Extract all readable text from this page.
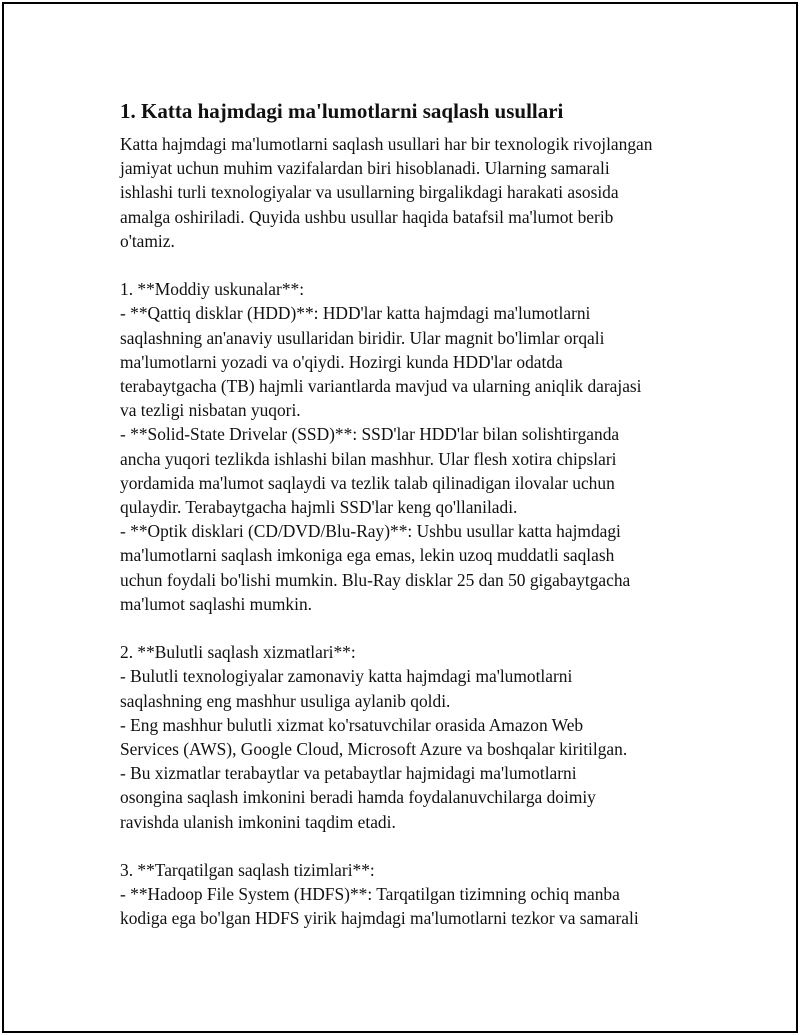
1. Katta hajmdagi ma'lumotlarni saqlash usullari

Katta hajmdagi ma'lumotlarni saqlash usullari har bir texnologik rivojlangan
jamiyat uchun muhim vazifalardan biri hisoblanadi. Ularning samarali
ishlashi turli texnologiyalar va usullarning birgalikdagi harakati asosida
amalga oshiriladi. Quyida ushbu usullar haqida batafsil ma'lumot berib
o'tamiz.

1. **Moddiy uskunalar**:

- **Qattiq disklar (HDD)**: HDD'lar katta hajmdagi ma'lumotlarni
saqlashning an'anaviy usullaridan biridir. Ular magnit bo'limlar orqali
ma'lumotlarni yozadi va o'qiydi. Hozirgi kunda HDD'lar odatda
terabaytgacha (TB) hajmli variantlarda mavjud va ularning aniqlik darajasi
va tezligi nisbatan yuqori.

- **Solid-State Drivelar (SSD)**: SSD'lar HDD'lar bilan solishtirganda
ancha yuqori tezlikda ishlashi bilan mashhur. Ular flesh xotira chipslari
yordamida ma'lumot saqlaydi va tezlik talab qilinadigan ilovalar uchun
qulaydir. Terabaytgacha hajmli SSD'lar keng qo'llaniladi.

- **Optik disklari (CD/DVD/Blu-Ray)**: Ushbu usullar katta hajmdagi
ma'lumotlarni saqlash imkoniga ega emas, lekin uzoq muddatli saqlash
uchun foydali bo'lishi mumkin. Blu-Ray disklar 25 dan 50 gigabaytgacha
ma'lumot saqlashi mumkin.

2. **Bulutli saqlash xizmatlari**:

- Bulutli texnologiyalar zamonaviy katta hajmdagi ma'lumotlarni
saqlashning eng mashhur usuliga aylanib qoldi.

- Eng mashhur bulutli xizmat ko'rsatuvchilar orasida Amazon Web
Services (AWS), Google Cloud, Microsoft Azure va boshqalar kiritilgan.

- Bu xizmatlar terabaytlar va petabaytlar hajmidagi ma'lumotlarni
osongina saqlash imkonini beradi hamda foydalanuvchilarga doimiy
ravishda ulanish imkonini taqdim etadi.

3. **Tarqatilgan saqlash tizimlari**:

- **Hadoop File System (HDFS)**: Tarqatilgan tizimning ochiq manba
kodiga ega bo'lgan HDFS yirik hajmdagi ma'lumotlarni tezkor va samarali
